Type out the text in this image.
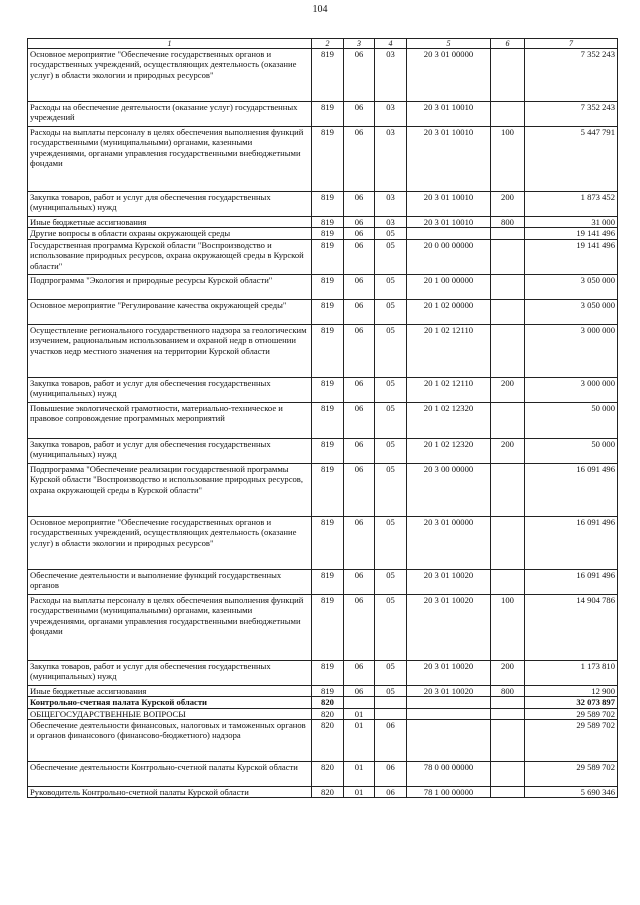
104
1	2	3	4	5	6	7
Основное мероприятие "Обеспечение государственных органов и государственных учреждений, осуществляющих деятельность (оказание услуг) в области экологии и природных ресурсов"	819	06	03	20 3 01 00000		7 352 243
Расходы на обеспечение деятельности (оказание услуг) государственных учреждений	819	06	03	20 3 01 10010		7 352 243
Расходы на выплаты персоналу в целях обеспечения выполнения функций государственными (муниципальными) органами, казенными учреждениями, органами управления государственными внебюджетными фондами	819	06	03	20 3 01 10010	100	5 447 791
Закупка товаров, работ и услуг для обеспечения государственных (муниципальных) нужд	819	06	03	20 3 01 10010	200	1 873 452
Иные бюджетные ассигнования	819	06	03	20 3 01 10010	800	31 000
Другие вопросы в области охраны окружающей среды	819	06	05			19 141 496
Государственная программа Курской области "Воспроизводство и использование природных ресурсов, охрана окружающей среды в Курской области"	819	06	05	20 0 00 00000		19 141 496
Подпрограмма "Экология и природные ресурсы Курской области"	819	06	05	20 1 00 00000		3 050 000
Основное мероприятие "Регулирование качества окружающей среды"	819	06	05	20 1 02 00000		3 050 000
Осуществление регионального государственного надзора за геологическим изучением, рациональным использованием и охраной недр в отношении участков недр местного значения на территории Курской области	819	06	05	20 1 02 12110		3 000 000
Закупка товаров, работ и услуг для обеспечения государственных (муниципальных) нужд	819	06	05	20 1 02 12110	200	3 000 000
Повышение экологической грамотности, материально-техническое и правовое сопровождение программных мероприятий	819	06	05	20 1 02 12320		50 000
Закупка товаров, работ и услуг для обеспечения государственных (муниципальных) нужд	819	06	05	20 1 02 12320	200	50 000
Подпрограмма "Обеспечение реализации государственной программы Курской области "Воспроизводство и использование природных ресурсов, охрана окружающей среды в Курской области"	819	06	05	20 3 00 00000		16 091 496
Основное мероприятие "Обеспечение государственных органов и государственных учреждений, осуществляющих деятельность (оказание услуг) в области экологии и природных ресурсов"	819	06	05	20 3 01 00000		16 091 496
Обеспечение деятельности и выполнение функций государственных органов	819	06	05	20 3 01 10020		16 091 496
Расходы на выплаты персоналу в целях обеспечения выполнения функций государственными (муниципальными) органами, казенными учреждениями, органами управления государственными внебюджетными фондами	819	06	05	20 3 01 10020	100	14 904 786
Закупка товаров, работ и услуг для обеспечения государственных (муниципальных) нужд	819	06	05	20 3 01 10020	200	1 173 810
Иные бюджетные ассигнования	819	06	05	20 3 01 10020	800	12 900
Контрольно-счетная палата Курской области	820					32 073 897
ОБЩЕГОСУДАРСТВЕННЫЕ ВОПРОСЫ	820	01				29 589 702
Обеспечение деятельности финансовых, налоговых и таможенных органов и органов финансового (финансово-бюджетного) надзора	820	01	06			29 589 702
Обеспечение деятельности Контрольно-счетной палаты Курской области	820	01	06	78 0 00 00000		29 589 702
Руководитель Контрольно-счетной палаты Курской области	820	01	06	78 1 00 00000		5 690 346
